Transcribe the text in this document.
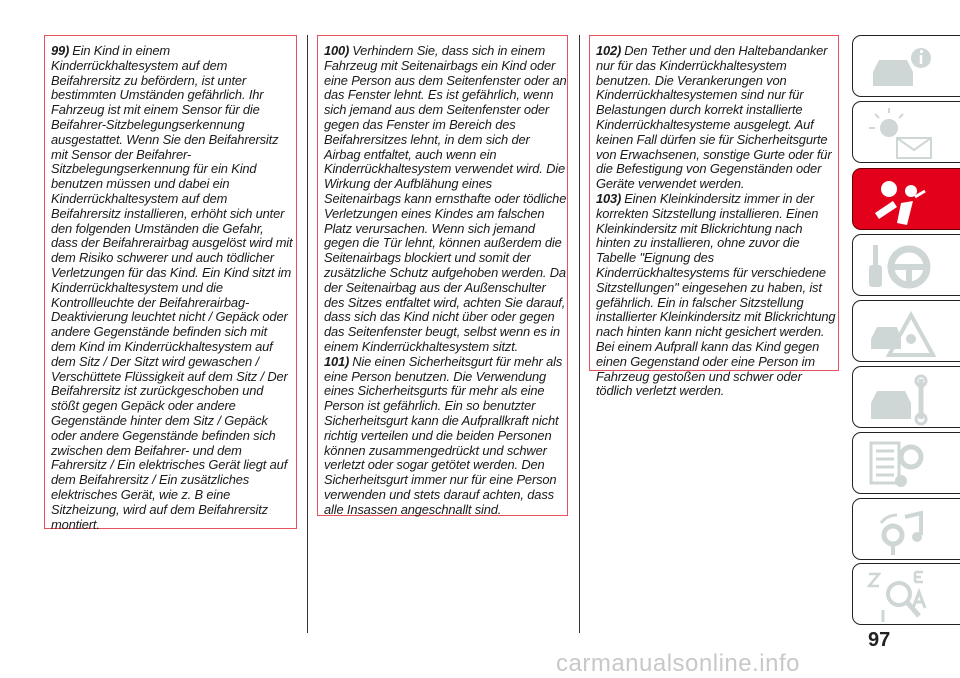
99) Ein Kind in einem
Kinderrückhaltesystem auf dem
Beifahrersitz zu befördern, ist unter
bestimmten Umständen gefährlich. Ihr
Fahrzeug ist mit einem Sensor für die
Beifahrer-Sitzbelegungserkennung
ausgestattet. Wenn Sie den Beifahrersitz
mit Sensor der Beifahrer-
Sitzbelegungserkennung für ein Kind
benutzen müssen und dabei ein
Kinderrückhaltesystem auf dem
Beifahrersitz installieren, erhöht sich unter
den folgenden Umständen die Gefahr,
dass der Beifahrerairbag ausgelöst wird mit
dem Risiko schwerer und auch tödlicher
Verletzungen für das Kind. Ein Kind sitzt im
Kinderrückhaltesystem und die
Kontrollleuchte der Beifahrerairbag-
Deaktivierung leuchtet nicht / Gepäck oder
andere Gegenstände befinden sich mit
dem Kind im Kinderrückhaltesystem auf
dem Sitz / Der Sitzt wird gewaschen /
Verschüttete Flüssigkeit auf dem Sitz / Der
Beifahrersitz ist zurückgeschoben und
stößt gegen Gepäck oder andere
Gegenstände hinter dem Sitz / Gepäck
oder andere Gegenstände befinden sich
zwischen dem Beifahrer- und dem
Fahrersitz / Ein elektrisches Gerät liegt auf
dem Beifahrersitz / Ein zusätzliches
elektrisches Gerät, wie z. B eine
Sitzheizung, wird auf dem Beifahrersitz
montiert.
100) Verhindern Sie, dass sich in einem
Fahrzeug mit Seitenairbags ein Kind oder
eine Person aus dem Seitenfenster oder an
das Fenster lehnt. Es ist gefährlich, wenn
sich jemand aus dem Seitenfenster oder
gegen das Fenster im Bereich des
Beifahrersitzes lehnt, in dem sich der
Airbag entfaltet, auch wenn ein
Kinderrückhaltesystem verwendet wird. Die
Wirkung der Aufblähung eines
Seitenairbags kann ernsthafte oder tödliche
Verletzungen eines Kindes am falschen
Platz verursachen. Wenn sich jemand
gegen die Tür lehnt, können außerdem die
Seitenairbags blockiert und somit der
zusätzliche Schutz aufgehoben werden. Da
der Seitenairbag aus der Außenschulter
des Sitzes entfaltet wird, achten Sie darauf,
dass sich das Kind nicht über oder gegen
das Seitenfenster beugt, selbst wenn es in
einem Kinderrückhaltesystem sitzt.
101) Nie einen Sicherheitsgurt für mehr als
eine Person benutzen. Die Verwendung
eines Sicherheitsgurts für mehr als eine
Person ist gefährlich. Ein so benutzter
Sicherheitsgurt kann die Aufprallkraft nicht
richtig verteilen und die beiden Personen
können zusammengedrückt und schwer
verletzt oder sogar getötet werden. Den
Sicherheitsgurt immer nur für eine Person
verwenden und stets darauf achten, dass
alle Insassen angeschnallt sind.
102) Den Tether und den Haltebandanker
nur für das Kinderrückhaltesystem
benutzen. Die Verankerungen von
Kinderrückhaltesystemen sind nur für
Belastungen durch korrekt installierte
Kinderrückhaltesysteme ausgelegt. Auf
keinen Fall dürfen sie für Sicherheitsgurte
von Erwachsenen, sonstige Gurte oder für
die Befestigung von Gegenständen oder
Geräte verwendet werden.
103) Einen Kleinkindersitz immer in der
korrekten Sitzstellung installieren. Einen
Kleinkindersitz mit Blickrichtung nach
hinten zu installieren, ohne zuvor die
Tabelle "Eignung des
Kinderrückhaltesystems für verschiedene
Sitzstellungen" eingesehen zu haben, ist
gefährlich. Ein in falscher Sitzstellung
installierter Kleinkindersitz mit Blickrichtung
nach hinten kann nicht gesichert werden.
Bei einem Aufprall kann das Kind gegen
einen Gegenstand oder eine Person im
Fahrzeug gestoßen und schwer oder
tödlich verletzt werden.
carmanualsonline.info
97
